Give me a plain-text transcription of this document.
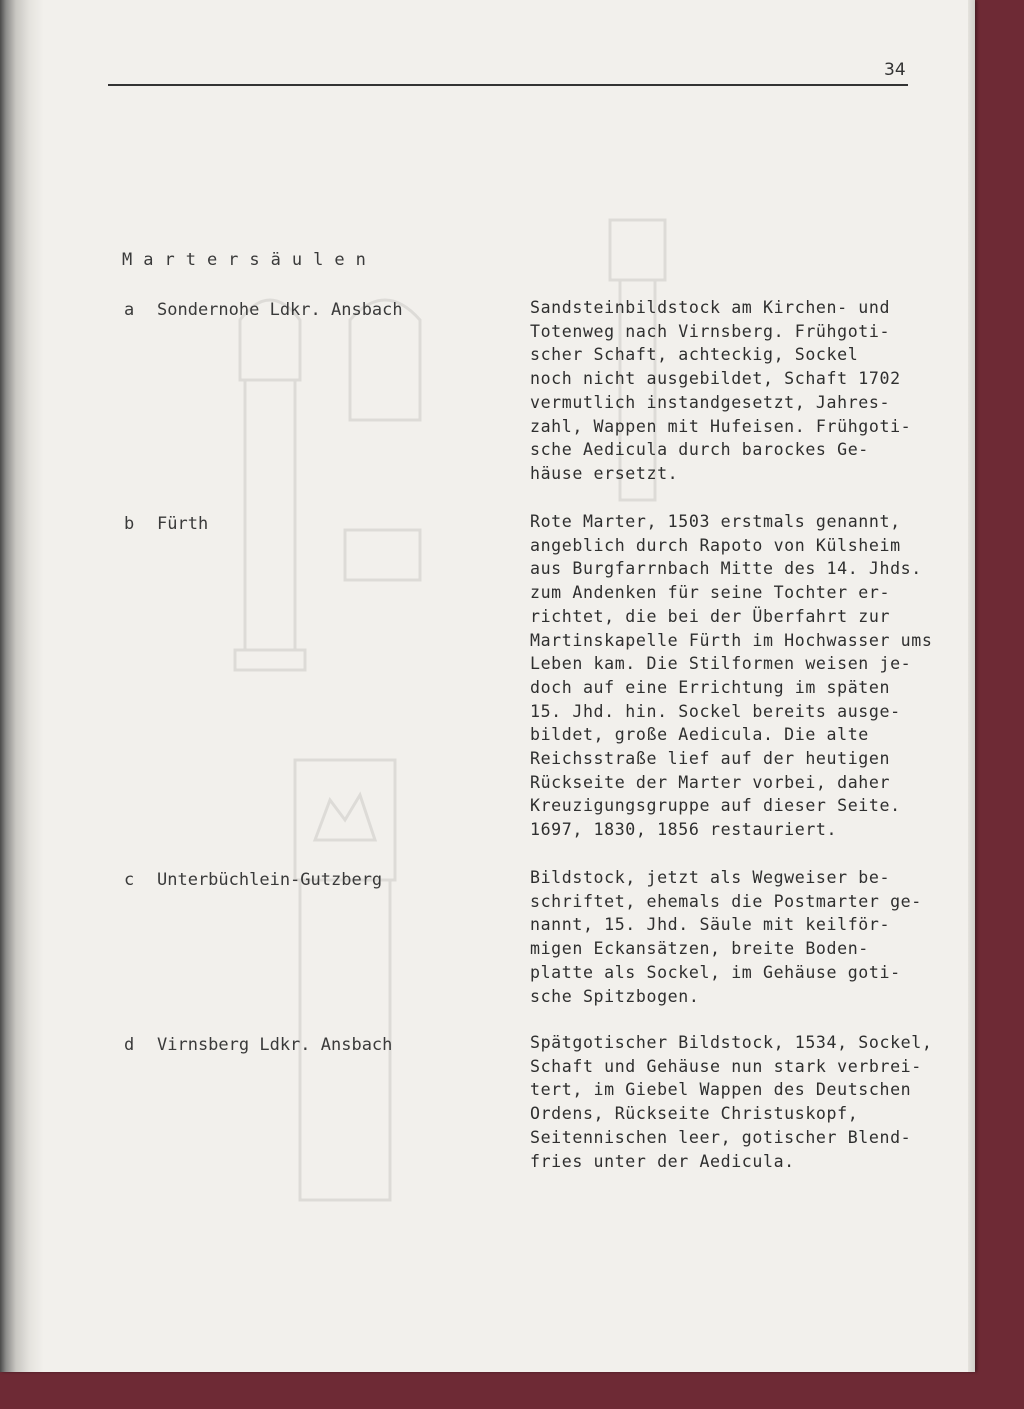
34
Martersäulen
a Sondernohe Ldkr. Ansbach	Sandsteinbildstock am Kirchen- und
Totenweg nach Virnsberg. Frühgoti-
scher Schaft, achteckig, Sockel
noch nicht ausgebildet, Schaft 1702
vermutlich instandgesetzt, Jahres-
zahl, Wappen mit Hufeisen. Frühgoti-
sche Aedicula durch barockes Ge-
häuse ersetzt.
b Fürth	Rote Marter, 1503 erstmals genannt,
angeblich durch Rapoto von Külsheim
aus Burgfarrnbach Mitte des 14. Jhds.
zum Andenken für seine Tochter er-
richtet, die bei der Überfahrt zur
Martinskapelle Fürth im Hochwasser ums
Leben kam. Die Stilformen weisen je-
doch auf eine Errichtung im späten
15. Jhd. hin. Sockel bereits ausge-
bildet, große Aedicula. Die alte
Reichsstraße lief auf der heutigen
Rückseite der Marter vorbei, daher
Kreuzigungsgruppe auf dieser Seite.
1697, 1830, 1856 restauriert.
c Unterbüchlein-Gutzberg	Bildstock, jetzt als Wegweiser be-
schriftet, ehemals die Postmarter ge-
nannt, 15. Jhd. Säule mit keilför-
migen Eckansätzen, breite Boden-
platte als Sockel, im Gehäuse goti-
sche Spitzbogen.
d Virnsberg Ldkr. Ansbach	Spätgotischer Bildstock, 1534, Sockel,
Schaft und Gehäuse nun stark verbrei-
tert, im Giebel Wappen des Deutschen
Ordens, Rückseite Christuskopf,
Seitennischen leer, gotischer Blend-
fries unter der Aedicula.
